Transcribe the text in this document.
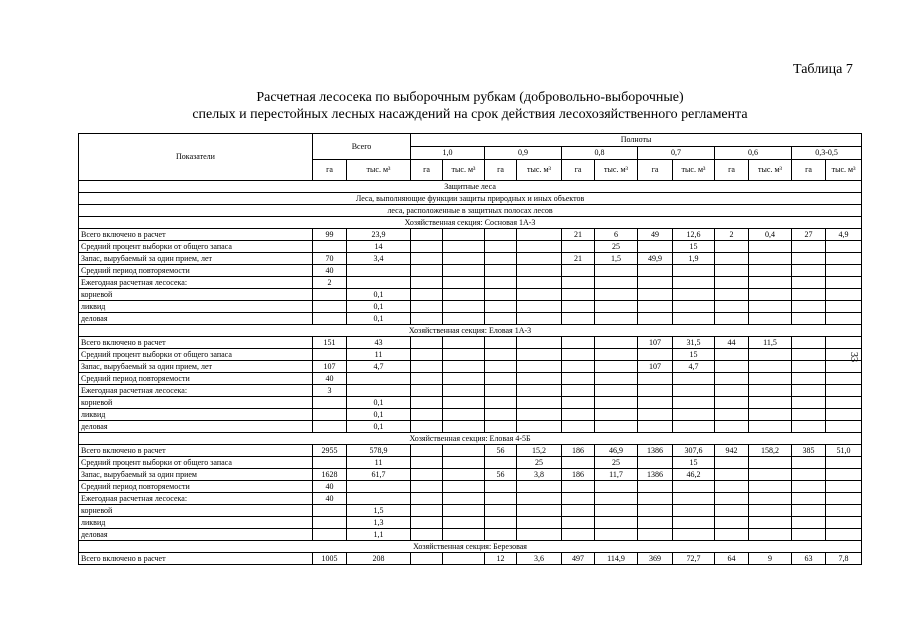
Таблица 7
Расчетная лесосека по выборочным рубкам (добровольно-выборочные)
спелых и перестойных лесных насаждений на срок действия лесохозяйственного регламента
33
Показатели	Всего		Полноты											
			1,0		0,9		0,8		0,7		0,6		0,3-0,5	
	га	тыс. м³	га	тыс. м³	га	тыс. м³	га	тыс. м³	га	тыс. м³	га	тыс. м³	га	тыс. м³
Защитные леса														
Леса, выполняющие функции защиты природных и иных объектов														
леса, расположенные в защитных полосах лесов														
Хозяйственная секция: Сосновая 1А-3														
Всего включено в расчет	99	23,9					21	6	49	12,6	2	0,4	27	4,9
Средний процент выборки от общего запаса		14						25		15				
Запас, вырубаемый за один прием, лет	70	3,4					21	1,5	49,9	1,9				
Средний период повторяемости	40													
Ежегодная расчетная лесосека:	2													
корневой		0,1												
ликвид		0,1												
деловая		0,1												
Хозяйственная секция: Еловая 1А-3														
Всего включено в расчет	151	43							107	31,5	44	11,5		
Средний процент выборки от общего запаса		11								15				
Запас, вырубаемый за один прием, лет	107	4,7							107	4,7				
Средний период повторяемости	40													
Ежегодная расчетная лесосека:	3													
корневой		0,1												
ликвид		0,1												
деловая		0,1												
Хозяйственная секция: Еловая 4-5Б														
Всего включено в расчет	2955	578,9			56	15,2	186	46,9	1386	307,6	942	158,2	385	51,0
Средний процент выборки от общего запаса		11				25		25		15				
Запас, вырубаемый за один прием	1628	61,7			56	3,8	186	11,7	1386	46,2				
Средний период повторяемости	40													
Ежегодная расчетная лесосека:	40													
корневой		1,5												
ликвид		1,3												
деловая		1,1												
Хозяйственная секция: Березовая														
Всего включено в расчет	1005	208			12	3,6	497	114,9	369	72,7	64	9	63	7,8
